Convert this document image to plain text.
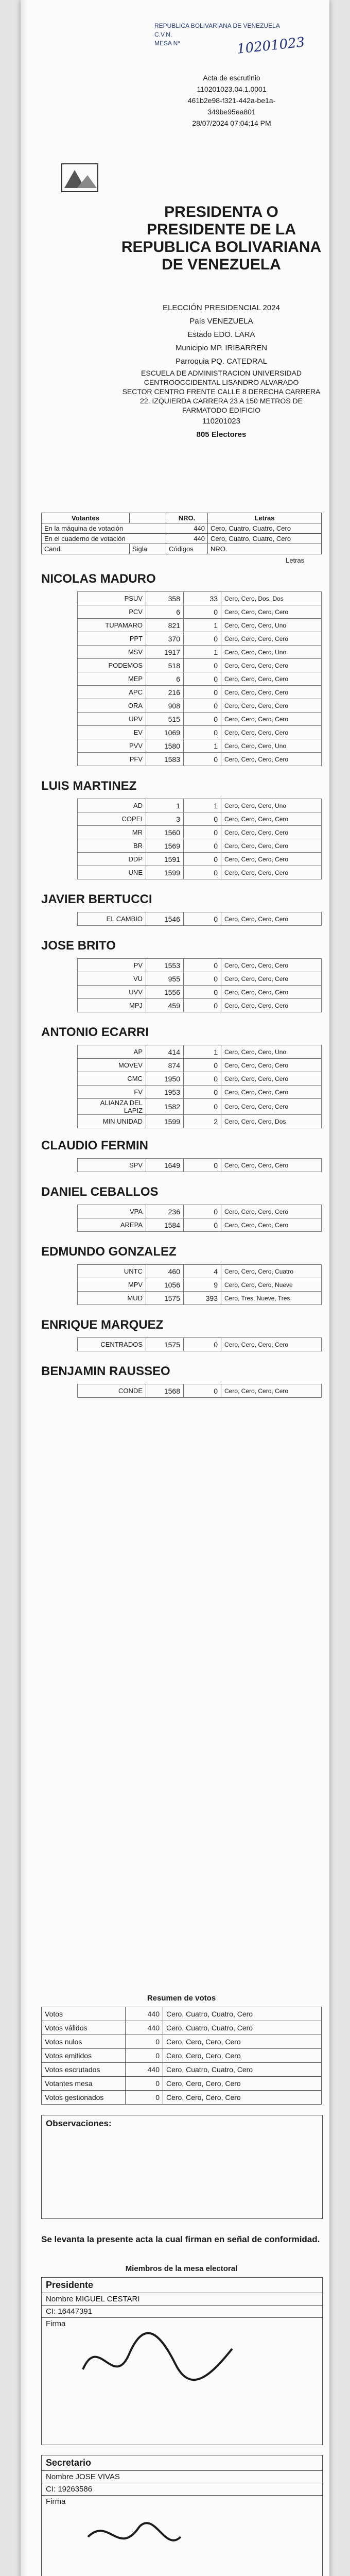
REPUBLICA BOLIVARIANA DE VENEZUELA
C.V.N.
MESA N°	10201023
Acta de escrutinio
110201023.04.1.0001
461b2e98-f321-442a-be1a-
349be95ea801
28/07/2024 07:04:14 PM
PRESIDENTA O PRESIDENTE DE LA REPUBLICA BOLIVARIANA DE VENEZUELA
ELECCIÓN PRESIDENCIAL 2024
País VENEZUELA
Estado EDO. LARA
Municipio MP. IRIBARREN
Parroquia PQ. CATEDRAL
ESCUELA DE ADMINISTRACION UNIVERSIDAD CENTROOCCIDENTAL LISANDRO ALVARADO
SECTOR CENTRO FRENTE CALLE 8 DERECHA CARRERA 22. IZQUIERDA CARRERA 23 A 150 METROS DE FARMATODO EDIFICIO
110201023
805 Electores
Votantes		NRO.	Letras
En la máquina de votación		440	Cero, Cuatro, Cuatro, Cero
En el cuaderno de votación		440	Cero, Cuatro, Cuatro, Cero
Cand.	Sigla	Códigos	NRO.
Letras
NICOLAS MADURO
PSUV	358	33	Cero, Cero, Dos, Dos
PCV	6	0	Cero, Cero, Cero, Cero
TUPAMARO	821	1	Cero, Cero, Cero, Uno
PPT	370	0	Cero, Cero, Cero, Cero
MSV	1917	1	Cero, Cero, Cero, Uno
PODEMOS	518	0	Cero, Cero, Cero, Cero
MEP	6	0	Cero, Cero, Cero, Cero
APC	216	0	Cero, Cero, Cero, Cero
ORA	908	0	Cero, Cero, Cero, Cero
UPV	515	0	Cero, Cero, Cero, Cero
EV	1069	0	Cero, Cero, Cero, Cero
PVV	1580	1	Cero, Cero, Cero, Uno
PFV	1583	0	Cero, Cero, Cero, Cero
LUIS MARTINEZ
AD	1	1	Cero, Cero, Cero, Uno
COPEI	3	0	Cero, Cero, Cero, Cero
MR	1560	0	Cero, Cero, Cero, Cero
BR	1569	0	Cero, Cero, Cero, Cero
DDP	1591	0	Cero, Cero, Cero, Cero
UNE	1599	0	Cero, Cero, Cero, Cero
JAVIER BERTUCCI
EL CAMBIO	1546	0	Cero, Cero, Cero, Cero
JOSE BRITO
PV	1553	0	Cero, Cero, Cero, Cero
VU	955	0	Cero, Cero, Cero, Cero
UVV	1556	0	Cero, Cero, Cero, Cero
MPJ	459	0	Cero, Cero, Cero, Cero
ANTONIO ECARRI
AP	414	1	Cero, Cero, Cero, Uno
MOVEV	874	0	Cero, Cero, Cero, Cero
CMC	1950	0	Cero, Cero, Cero, Cero
FV	1953	0	Cero, Cero, Cero, Cero
ALIANZA DEL LAPIZ	1582	0	Cero, Cero, Cero, Cero
MIN UNIDAD	1599	2	Cero, Cero, Cero, Dos
CLAUDIO FERMIN
SPV	1649	0	Cero, Cero, Cero, Cero
DANIEL CEBALLOS
VPA	236	0	Cero, Cero, Cero, Cero
AREPA	1584	0	Cero, Cero, Cero, Cero
EDMUNDO GONZALEZ
UNTC	460	4	Cero, Cero, Cero, Cuatro
MPV	1056	9	Cero, Cero, Cero, Nueve
MUD	1575	393	Cero, Tres, Nueve, Tres
ENRIQUE MARQUEZ
CENTRADOS	1575	0	Cero, Cero, Cero, Cero
BENJAMIN RAUSSEO
CONDE	1568	0	Cero, Cero, Cero, Cero
Resumen de votos
Votos	440	Cero, Cuatro, Cuatro, Cero
Votos válidos	440	Cero, Cuatro, Cuatro, Cero
Votos nulos	0	Cero, Cero, Cero, Cero
Votos emitidos	0	Cero, Cero, Cero, Cero
Votos escrutados	440	Cero, Cuatro, Cuatro, Cero
Votantes mesa	0	Cero, Cero, Cero, Cero
Votos gestionados	0	Cero, Cero, Cero, Cero
Observaciones:
Se levanta la presente acta la cual firman en señal de conformidad.
Miembros de la mesa electoral
Presidente
Nombre MIGUEL CESTARI
CI: 16447391
Firma
Secretario
Nombre JOSE VIVAS
CI: 19263586
Firma
